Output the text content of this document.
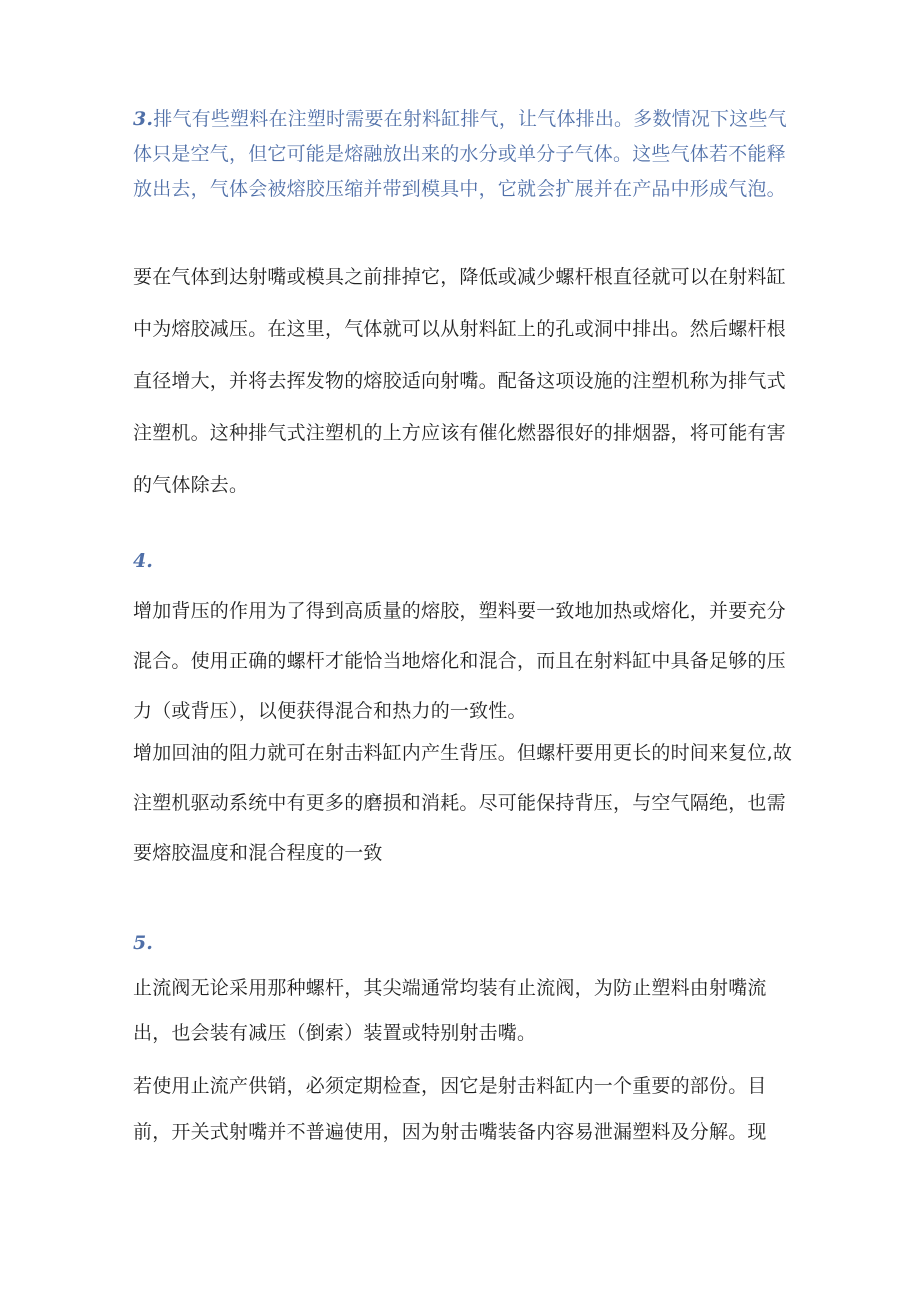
3.排气有些塑料在注塑时需要在射料缸排气，让气体排出。多数情况下这些气体只是空气，但它可能是熔融放出来的水分或单分子气体。这些气体若不能释放出去，气体会被熔胶压缩并带到模具中，它就会扩展并在产品中形成气泡。

要在气体到达射嘴或模具之前排掉它，降低或减少螺杆根直径就可以在射料缸中为熔胶减压。在这里，气体就可以从射料缸上的孔或洞中排出。然后螺杆根直径增大，并将去挥发物的熔胶适向射嘴。配备这项设施的注塑机称为排气式注塑机。这种排气式注塑机的上方应该有催化燃器很好的排烟器，将可能有害的气体除去。

4.

增加背压的作用为了得到高质量的熔胶，塑料要一致地加热或熔化，并要充分混合。使用正确的螺杆才能恰当地熔化和混合，而且在射料缸中具备足够的压力（或背压），以便获得混合和热力的一致性。

增加回油的阻力就可在射击料缸内产生背压。但螺杆要用更长的时间来复位,故注塑机驱动系统中有更多的磨损和消耗。尽可能保持背压，与空气隔绝，也需要熔胶温度和混合程度的一致

5.

止流阀无论采用那种螺杆，其尖端通常均装有止流阀，为防止塑料由射嘴流出，也会装有减压（倒索）装置或特别射击嘴。

若使用止流产供销，必须定期检查，因它是射击料缸内一个重要的部份。目前，开关式射嘴并不普遍使用，因为射击嘴装备内容易泄漏塑料及分解。现
